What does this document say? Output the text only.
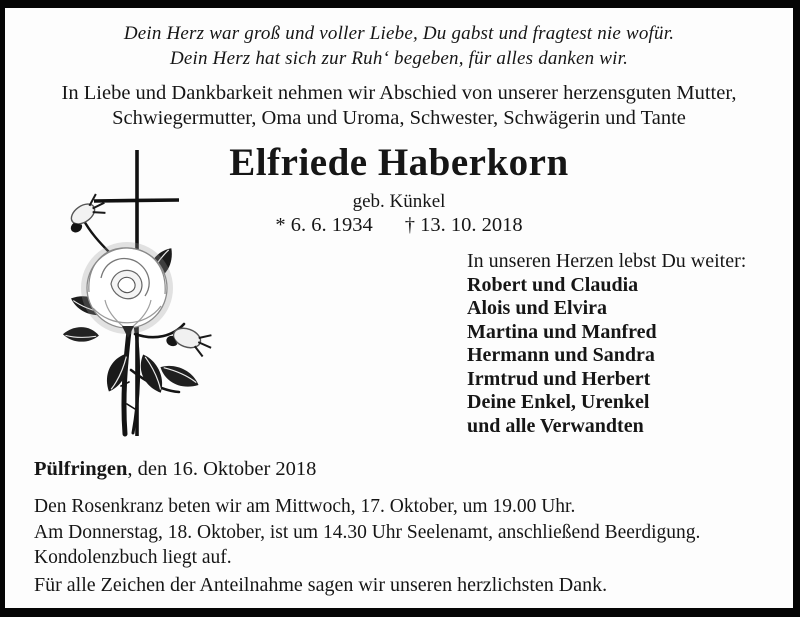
Dein Herz war groß und voller Liebe, Du gabst und fragtest nie wofür.
Dein Herz hat sich zur Ruh‘ begeben, für alles danken wir.
In Liebe und Dankbarkeit nehmen wir Abschied von unserer herzensguten Mutter,
Schwiegermutter, Oma und Uroma, Schwester, Schwägerin und Tante
Elfriede Haberkorn
geb. Künkel
* 6. 6. 1934 † 13. 10. 2018
In unseren Herzen lebst Du weiter:
Robert und Claudia
Alois und Elvira
Martina und Manfred
Hermann und Sandra
Irmtrud und Herbert
Deine Enkel, Urenkel
und alle Verwandten
Pülfringen, den 16. Oktober 2018
Den Rosenkranz beten wir am Mittwoch, 17. Oktober, um 19.00 Uhr.
Am Donnerstag, 18. Oktober, ist um 14.30 Uhr Seelenamt, anschließend Beerdigung.
Kondolenzbuch liegt auf.
Für alle Zeichen der Anteilnahme sagen wir unseren herzlichsten Dank.
